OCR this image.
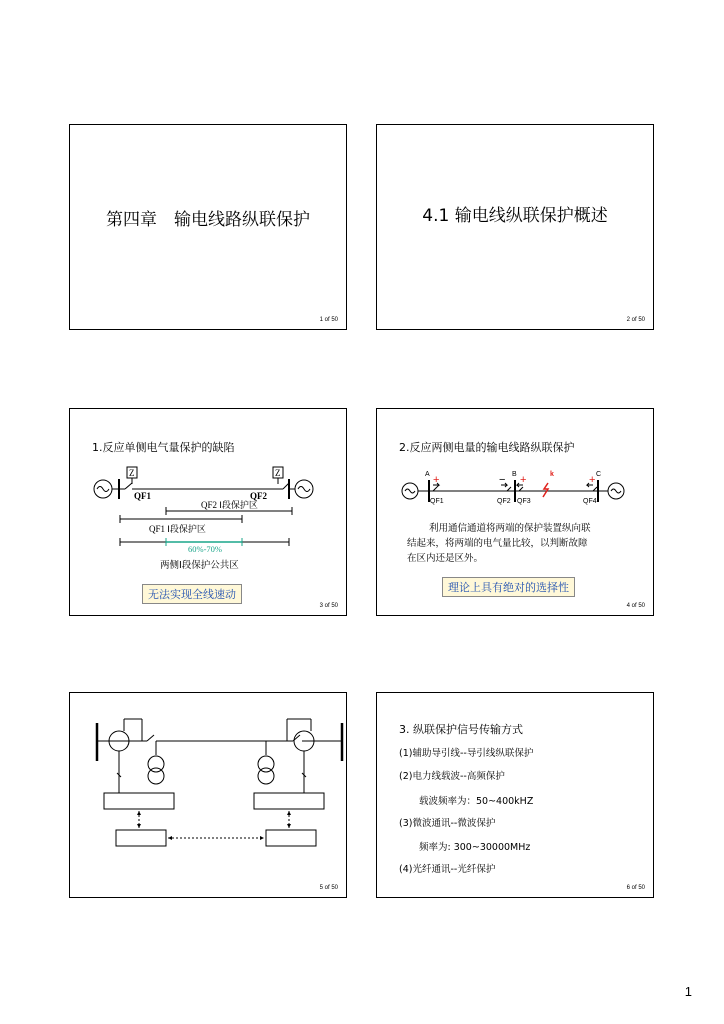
第四章　输电线路纵联保护
1 of 50
4.1 输电线纵联保护概述
2 of 50
1.反应单侧电气量保护的缺陷
Z	Z
QF1	QF2
QF2 Ⅰ段保护区
QF1 Ⅰ段保护区
60%-70%
两侧Ⅰ段保护公共区
无法实现全线速动
3 of 50
2.反应两侧电量的输电线路纵联保护
A	B	C
k
QF1	QF2 QF3	QF4
+	− +	+
利用通信通道将两端的保护装置纵向联
结起来，将两端的电气量比较，以判断故障
在区内还是区外。
理论上具有绝对的选择性
4 of 50
5 of 50
3. 纵联保护信号传输方式
(1)辅助导引线--导引线纵联保护
(2)电力线载波--高频保护
载波频率为：50~400kHZ
(3)微波通讯--微波保护
频率为: 300~30000MHz
(4)光纤通讯--光纤保护
6 of 50
1
